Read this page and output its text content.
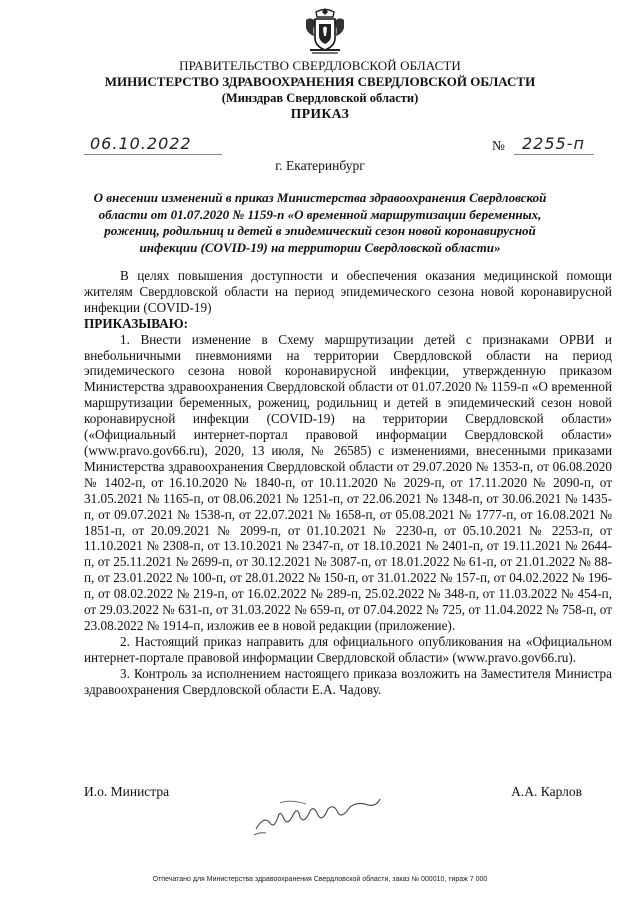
ПРАВИТЕЛЬСТВО СВЕРДЛОВСКОЙ ОБЛАСТИ
МИНИСТЕРСТВО ЗДРАВООХРАНЕНИЯ СВЕРДЛОВСКОЙ ОБЛАСТИ
(Минздрав Свердловской области)
ПРИКАЗ
06.10.2022	№ 2255-п
г. Екатеринбург
О внесении изменений в приказ Министерства здравоохранения Свердловской области от 01.07.2020 № 1159-п «О временной маршрутизации беременных, рожениц, родильниц и детей в эпидемический сезон новой коронавирусной инфекции (COVID-19) на территории Свердловской области»

В целях повышения доступности и обеспечения оказания медицинской помощи жителям Свердловской области на период эпидемического сезона новой коронавирусной инфекции (COVID-19)

ПРИКАЗЫВАЮ:

1. Внести изменение в Схему маршрутизации детей с признаками ОРВИ и внебольничными пневмониями на территории Свердловской области на период эпидемического сезона новой коронавирусной инфекции, утвержденную приказом Министерства здравоохранения Свердловской области от 01.07.2020 № 1159-п «О временной маршрутизации беременных, рожениц, родильниц и детей в эпидемический сезон новой коронавирусной инфекции (COVID-19) на территории Свердловской области» («Официальный интернет-портал правовой информации Свердловской области» (www.pravo.gov66.ru), 2020, 13 июля, № 26585) с изменениями, внесенными приказами Министерства здравоохранения Свердловской области от 29.07.2020 № 1353-п, от 06.08.2020 № 1402-п, от 16.10.2020 № 1840-п, от 10.11.2020 № 2029-п, от 17.11.2020 № 2090-п, от 31.05.2021 № 1165-п, от 08.06.2021 № 1251-п, от 22.06.2021 № 1348-п, от 30.06.2021 № 1435-п, от 09.07.2021 № 1538-п, от 22.07.2021 № 1658-п, от 05.08.2021 № 1777-п, от 16.08.2021 № 1851-п, от 20.09.2021 № 2099-п, от 01.10.2021 № 2230-п, от 05.10.2021 № 2253-п, от 11.10.2021 № 2308-п, от 13.10.2021 № 2347-п, от 18.10.2021 № 2401-п, от 19.11.2021 № 2644-п, от 25.11.2021 № 2699-п, от 30.12.2021 № 3087-п, от 18.01.2022 № 61-п, от 21.01.2022 № 88-п, от 23.01.2022 № 100-п, от 28.01.2022 № 150-п, от 31.01.2022 № 157-п, от 04.02.2022 № 196-п, от 08.02.2022 № 219-п, от 16.02.2022 № 289-п, 25.02.2022 № 348-п, от 11.03.2022 № 454-п, от 29.03.2022 № 631-п, от 31.03.2022 № 659-п, от 07.04.2022 № 725, от 11.04.2022 № 758-п, от 23.08.2022 № 1914-п, изложив ее в новой редакции (приложение).

2. Настоящий приказ направить для официального опубликования на «Официальном интернет-портале правовой информации Свердловской области» (www.pravo.gov66.ru).

3. Контроль за исполнением настоящего приказа возложить на Заместителя Министра здравоохранения Свердловской области Е.А. Чадову.

И.о. Министра	А.А. Карлов
Отпечатано для Министерства здравоохранения Свердловской области, заказ № 000010, тираж 7 000
